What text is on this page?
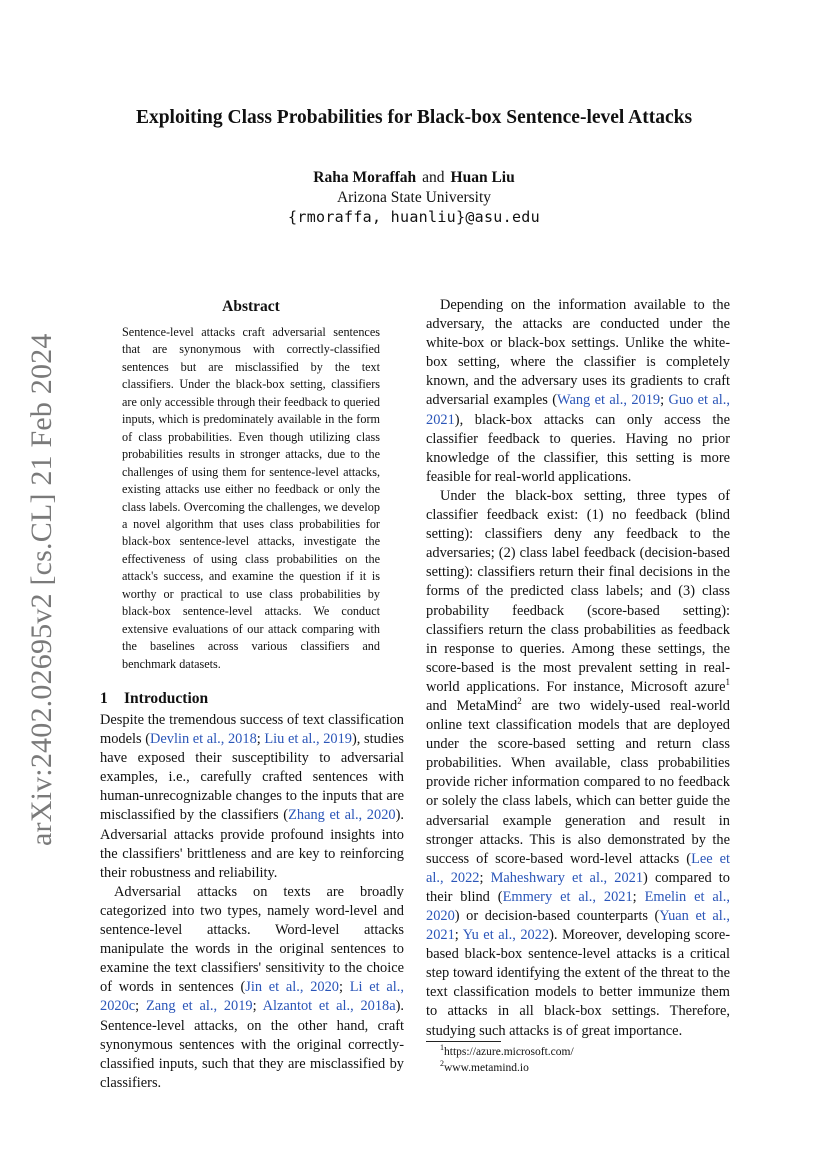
arXiv:2402.02695v2 [cs.CL] 21 Feb 2024
Exploiting Class Probabilities for Black-box Sentence-level Attacks
Raha Moraffah and Huan Liu
Arizona State University
{rmoraffa, huanliu}@asu.edu
Abstract
Sentence-level attacks craft adversarial sentences that are synonymous with correctly-classified sentences but are misclassified by the text classifiers. Under the black-box setting, classifiers are only accessible through their feedback to queried inputs, which is predominately available in the form of class probabilities. Even though utilizing class probabilities results in stronger attacks, due to the challenges of using them for sentence-level attacks, existing attacks use either no feedback or only the class labels. Overcoming the challenges, we develop a novel algorithm that uses class probabilities for black-box sentence-level attacks, investigate the effectiveness of using class probabilities on the attack's success, and examine the question if it is worthy or practical to use class probabilities by black-box sentence-level attacks. We conduct extensive evaluations of our attack comparing with the baselines across various classifiers and benchmark datasets.
1 Introduction

Despite the tremendous success of text classification models (Devlin et al., 2018; Liu et al., 2019), studies have exposed their susceptibility to adversarial examples, i.e., carefully crafted sentences with human-unrecognizable changes to the inputs that are misclassified by the classifiers (Zhang et al., 2020). Adversarial attacks provide profound insights into the classifiers' brittleness and are key to reinforcing their robustness and reliability.

Adversarial attacks on texts are broadly categorized into two types, namely word-level and sentence-level attacks. Word-level attacks manipulate the words in the original sentences to examine the text classifiers' sensitivity to the choice of words in sentences (Jin et al., 2020; Li et al., 2020c; Zang et al., 2019; Alzantot et al., 2018a). Sentence-level attacks, on the other hand, craft synonymous sentences with the original correctly-classified inputs, such that they are misclassified by classifiers.

Depending on the information available to the adversary, the attacks are conducted under the white-box or black-box settings. Unlike the white-box setting, where the classifier is completely known, and the adversary uses its gradients to craft adversarial examples (Wang et al., 2019; Guo et al., 2021), black-box attacks can only access the classifier feedback to queries. Having no prior knowledge of the classifier, this setting is more feasible for real-world applications.

Under the black-box setting, three types of classifier feedback exist: (1) no feedback (blind setting): classifiers deny any feedback to the adversaries; (2) class label feedback (decision-based setting): classifiers return their final decisions in the forms of the predicted class labels; and (3) class probability feedback (score-based setting): classifiers return the class probabilities as feedback in response to queries. Among these settings, the score-based is the most prevalent setting in real-world applications. For instance, Microsoft azure$^1$ and MetaMind$^2$ are two widely-used real-world online text classification models that are deployed under the score-based setting and return class probabilities. When available, class probabilities provide richer information compared to no feedback or solely the class labels, which can better guide the adversarial example generation and result in stronger attacks. This is also demonstrated by the success of score-based word-level attacks (Lee et al., 2022; Maheshwary et al., 2021) compared to their blind (Emmery et al., 2021; Emelin et al., 2020) or decision-based counterparts (Yuan et al., 2021; Yu et al., 2022). Moreover, developing score-based black-box sentence-level attacks is a critical step toward identifying the extent of the threat to the text classification models to better immunize them to attacks in all black-box settings. Therefore, studying such attacks is of great importance.

$^1$https://azure.microsoft.com/
$^2$www.metamind.io
